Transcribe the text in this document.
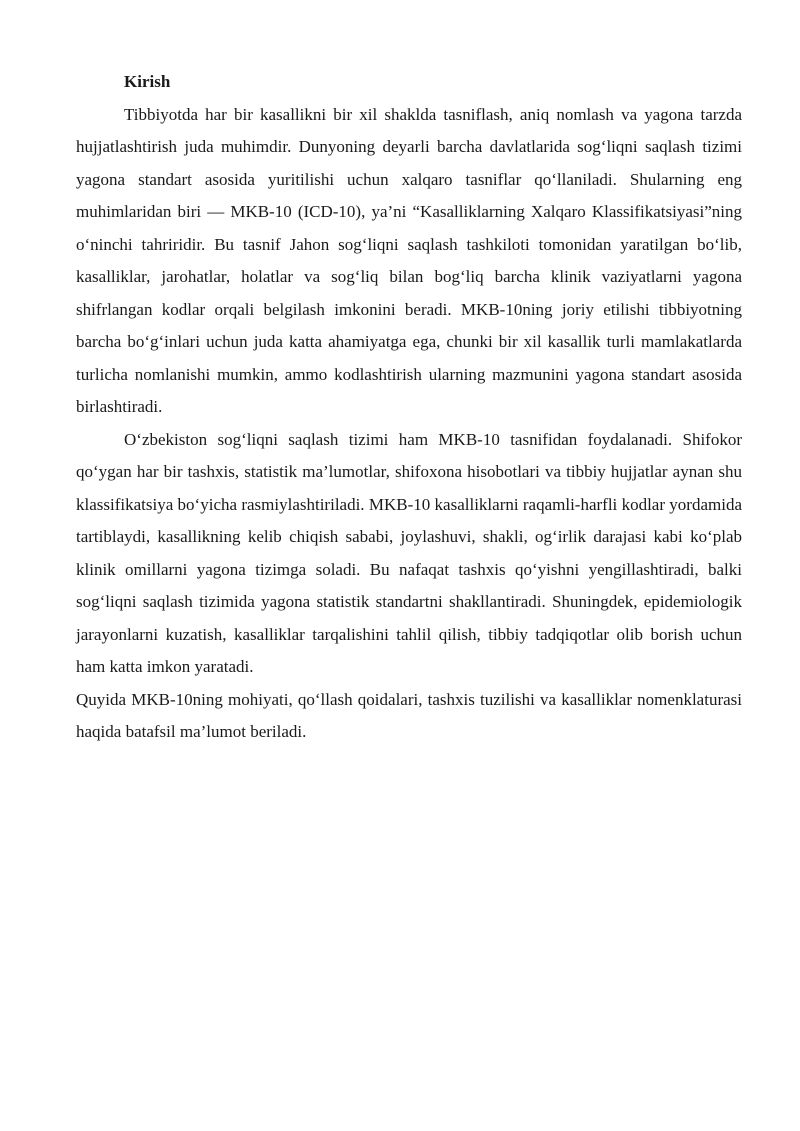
Kirish

Tibbiyotda har bir kasallikni bir xil shaklda tasniflash, aniq nomlash va yagona tarzda hujjatlashtirish juda muhimdir. Dunyoning deyarli barcha davlatlarida sog‘liqni saqlash tizimi yagona standart asosida yuritilishi uchun xalqaro tasniflar qo‘llaniladi. Shularning eng muhimlaridan biri — MKB-10 (ICD-10), ya’ni “Kasalliklarning Xalqaro Klassifikatsiyasi”ning o‘ninchi tahriridir. Bu tasnif Jahon sog‘liqni saqlash tashkiloti tomonidan yaratilgan bo‘lib, kasalliklar, jarohatlar, holatlar va sog‘liq bilan bog‘liq barcha klinik vaziyatlarni yagona shifrlangan kodlar orqali belgilash imkonini beradi. MKB-10ning joriy etilishi tibbiyotning barcha bo‘g‘inlari uchun juda katta ahamiyatga ega, chunki bir xil kasallik turli mamlakatlarda turlicha nomlanishi mumkin, ammo kodlashtirish ularning mazmunini yagona standart asosida birlashtiradi.

O‘zbekiston sog‘liqni saqlash tizimi ham MKB-10 tasnifidan foydalanadi. Shifokor qo‘ygan har bir tashxis, statistik ma’lumotlar, shifoxona hisobotlari va tibbiy hujjatlar aynan shu klassifikatsiya bo‘yicha rasmiylashtiriladi. MKB-10 kasalliklarni raqamli-harfli kodlar yordamida tartiblaydi, kasallikning kelib chiqish sababi, joylashuvi, shakli, og‘irlik darajasi kabi ko‘plab klinik omillarni yagona tizimga soladi. Bu nafaqat tashxis qo‘yishni yengillashtiradi, balki sog‘liqni saqlash tizimida yagona statistik standartni shakllantiradi. Shuningdek, epidemiologik jarayonlarni kuzatish, kasalliklar tarqalishini tahlil qilish, tibbiy tadqiqotlar olib borish uchun ham katta imkon yaratadi.

Quyida MKB-10ning mohiyati, qo‘llash qoidalari, tashxis tuzilishi va kasalliklar nomenklaturasi haqida batafsil ma’lumot beriladi.
